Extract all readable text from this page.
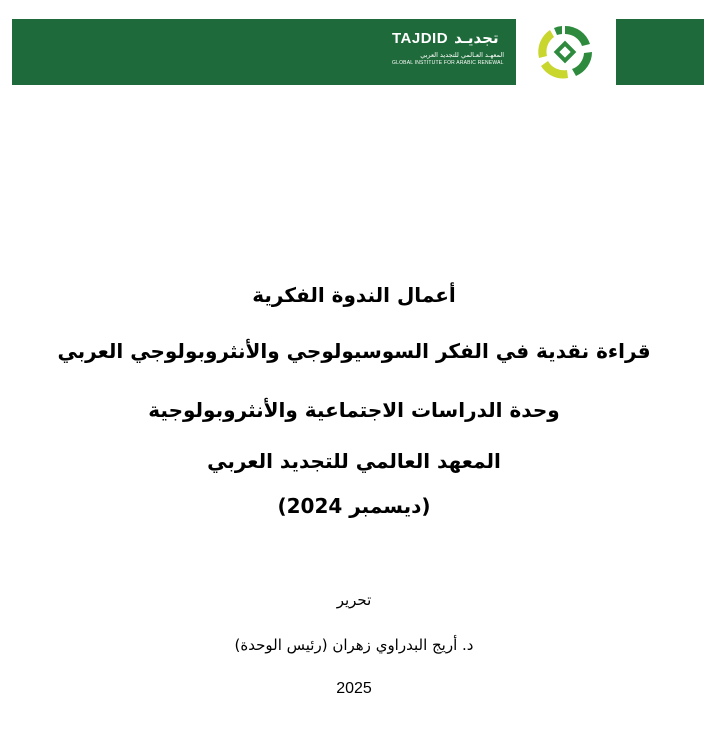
TAJDID تجديـد
المعهـد العـالمي للتجديد العربي
GLOBAL INSTITUTE FOR ARABIC RENEWAL
أعمال الندوة الفكرية
قراءة نقدية في الفكر السوسيولوجي والأنثروبولوجي العربي
وحدة الدراسات الاجتماعية والأنثروبولوجية
المعهد العالمي للتجديد العربي
(ديسمبر 2024)
تحرير
د. أريج البدراوي زهران (رئيس الوحدة)
2025
